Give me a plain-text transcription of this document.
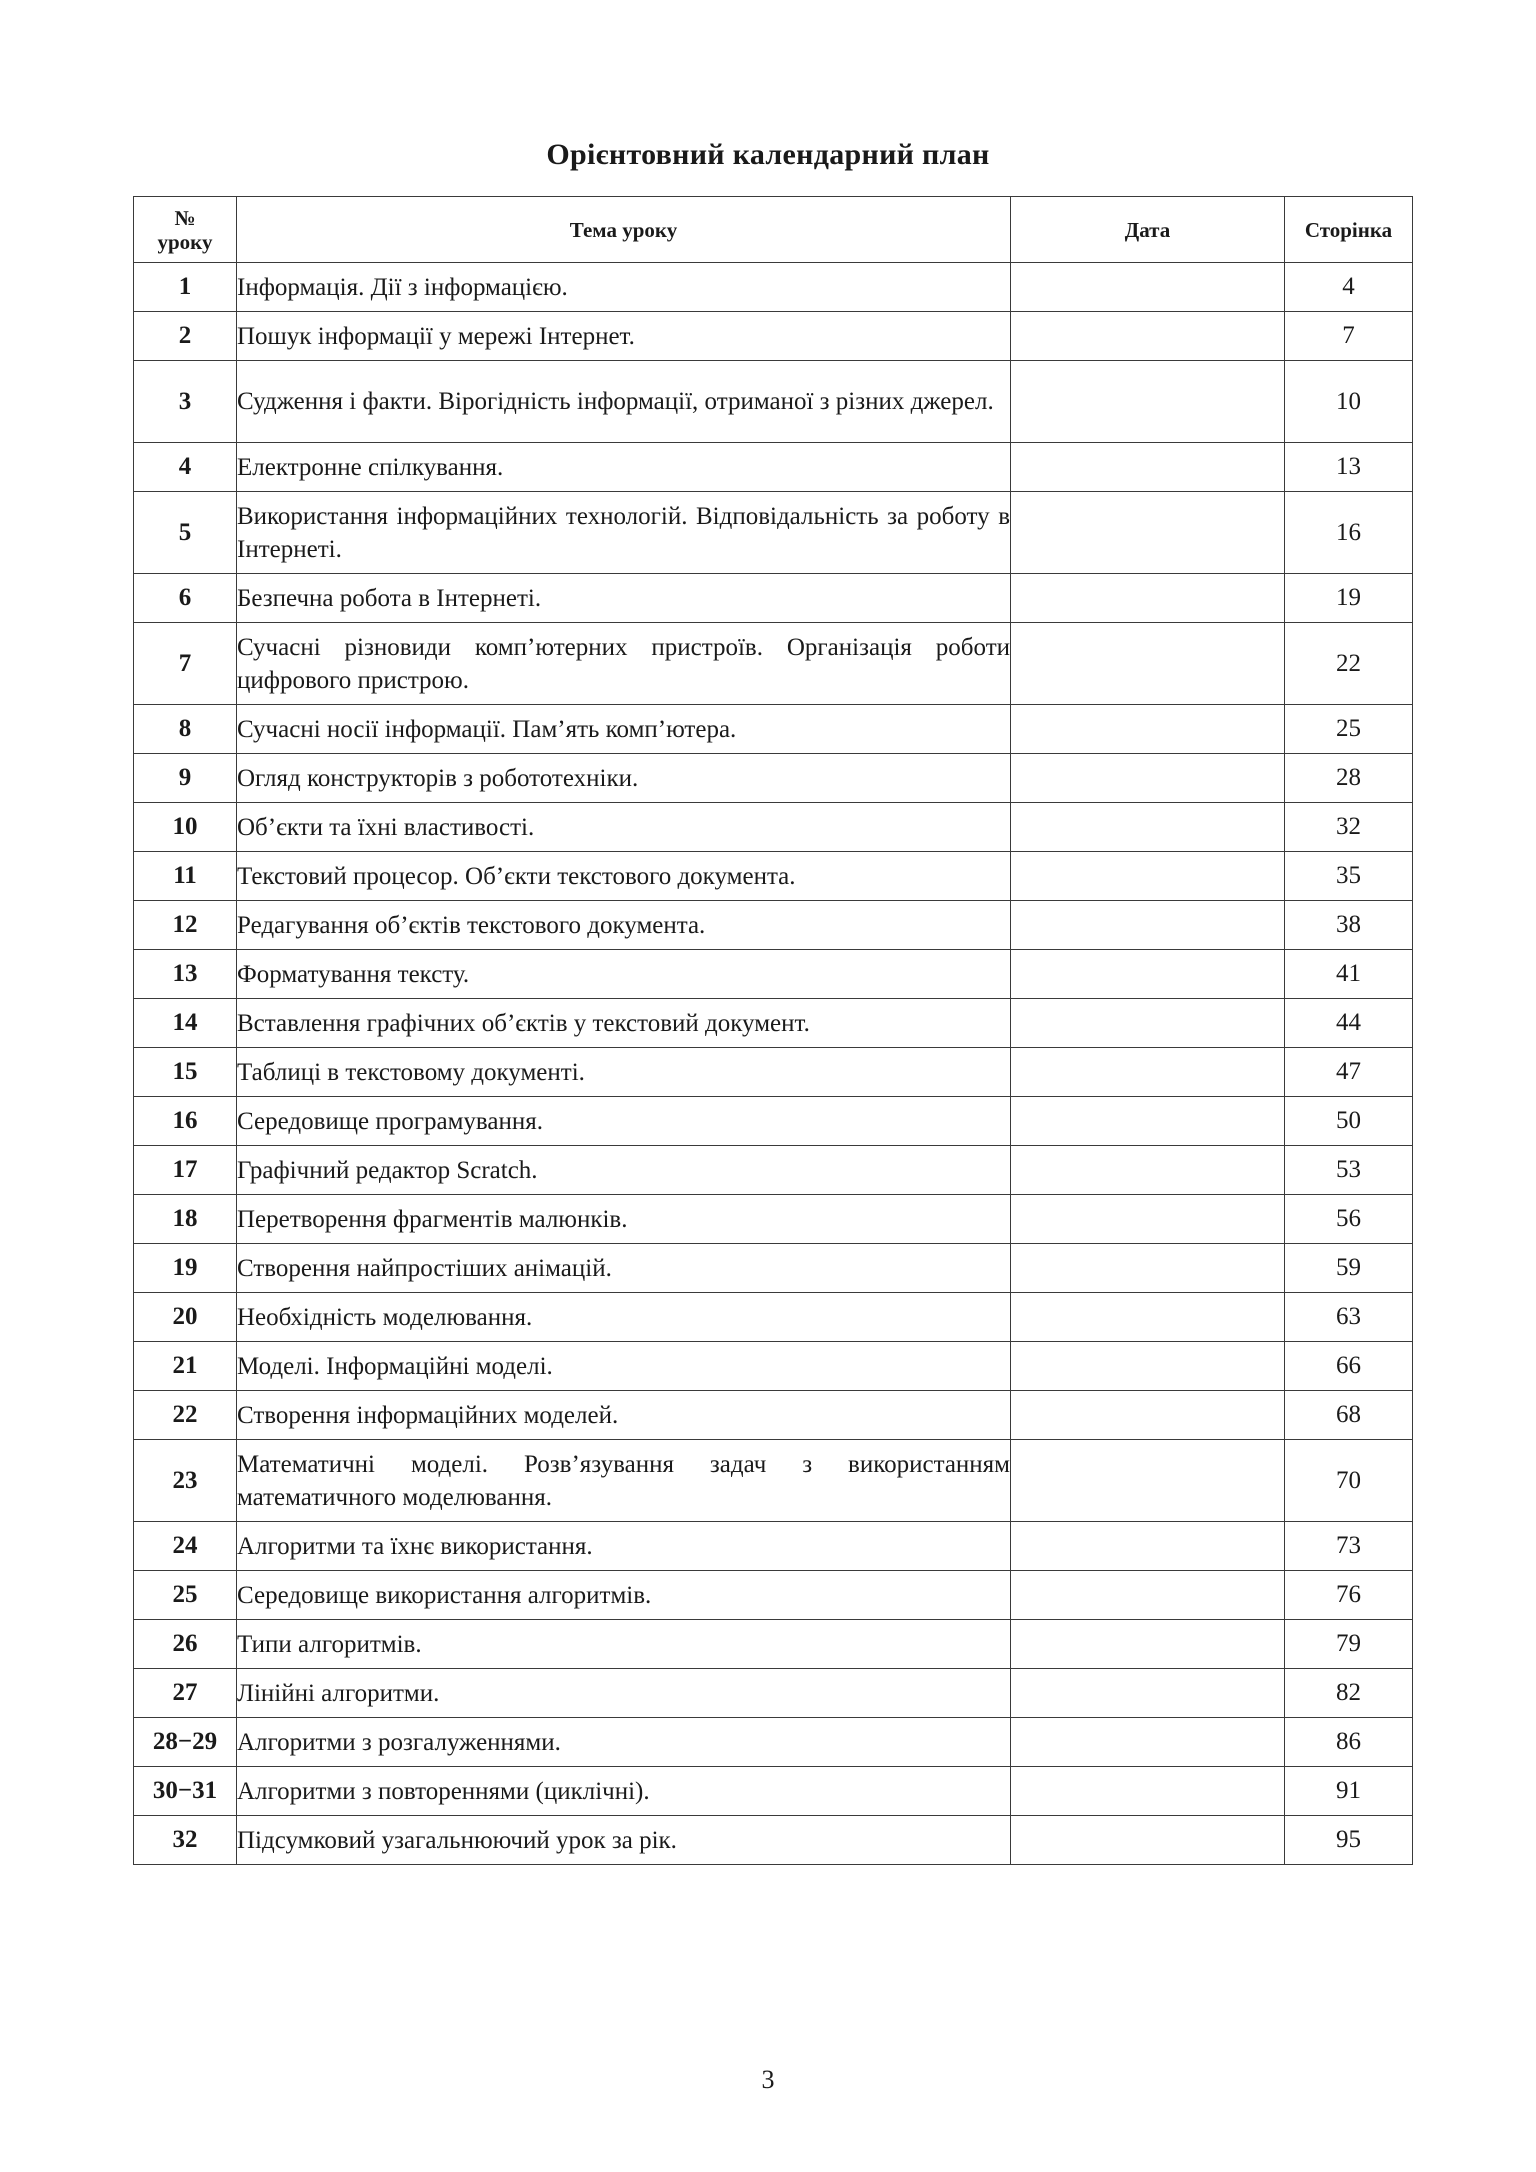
Орієнтовний календарний план
№
уроку	Тема уроку	Дата	Сторінка
1	Інформація. Дії з інформацією.		4
2	Пошук інформації у мережі Інтернет.		7
3	Судження і факти. Вірогідність інформації, отриманої з різних джерел.		10
4	Електронне спілкування.		13
5	Використання інформаційних технологій. Відповідальність за роботу в Інтернеті.		16
6	Безпечна робота в Інтернеті.		19
7	Сучасні різновиди комп’ютерних пристроїв. Організація роботи цифрового пристрою.		22
8	Сучасні носії інформації. Пам’ять комп’ютера.		25
9	Огляд конструкторів з робототехніки.		28
10	Об’єкти та їхні властивості.		32
11	Текстовий процесор. Об’єкти текстового документа.		35
12	Редагування об’єктів текстового документа.		38
13	Форматування тексту.		41
14	Вставлення графічних об’єктів у текстовий документ.		44
15	Таблиці в текстовому документі.		47
16	Середовище програмування.		50
17	Графічний редактор Scratch.		53
18	Перетворення фрагментів малюнків.		56
19	Створення найпростіших анімацій.		59
20	Необхідність моделювання.		63
21	Моделі. Інформаційні моделі.		66
22	Створення інформаційних моделей.		68
23	Математичні моделі. Розв’язування задач з використанням математичного моделювання.		70
24	Алгоритми та їхнє використання.		73
25	Середовище використання алгоритмів.		76
26	Типи алгоритмів.		79
27	Лінійні алгоритми.		82
28−29	Алгоритми з розгалуженнями.		86
30−31	Алгоритми з повтореннями (циклічні).		91
32	Підсумковий узагальнюючий урок за рік.		95
3
